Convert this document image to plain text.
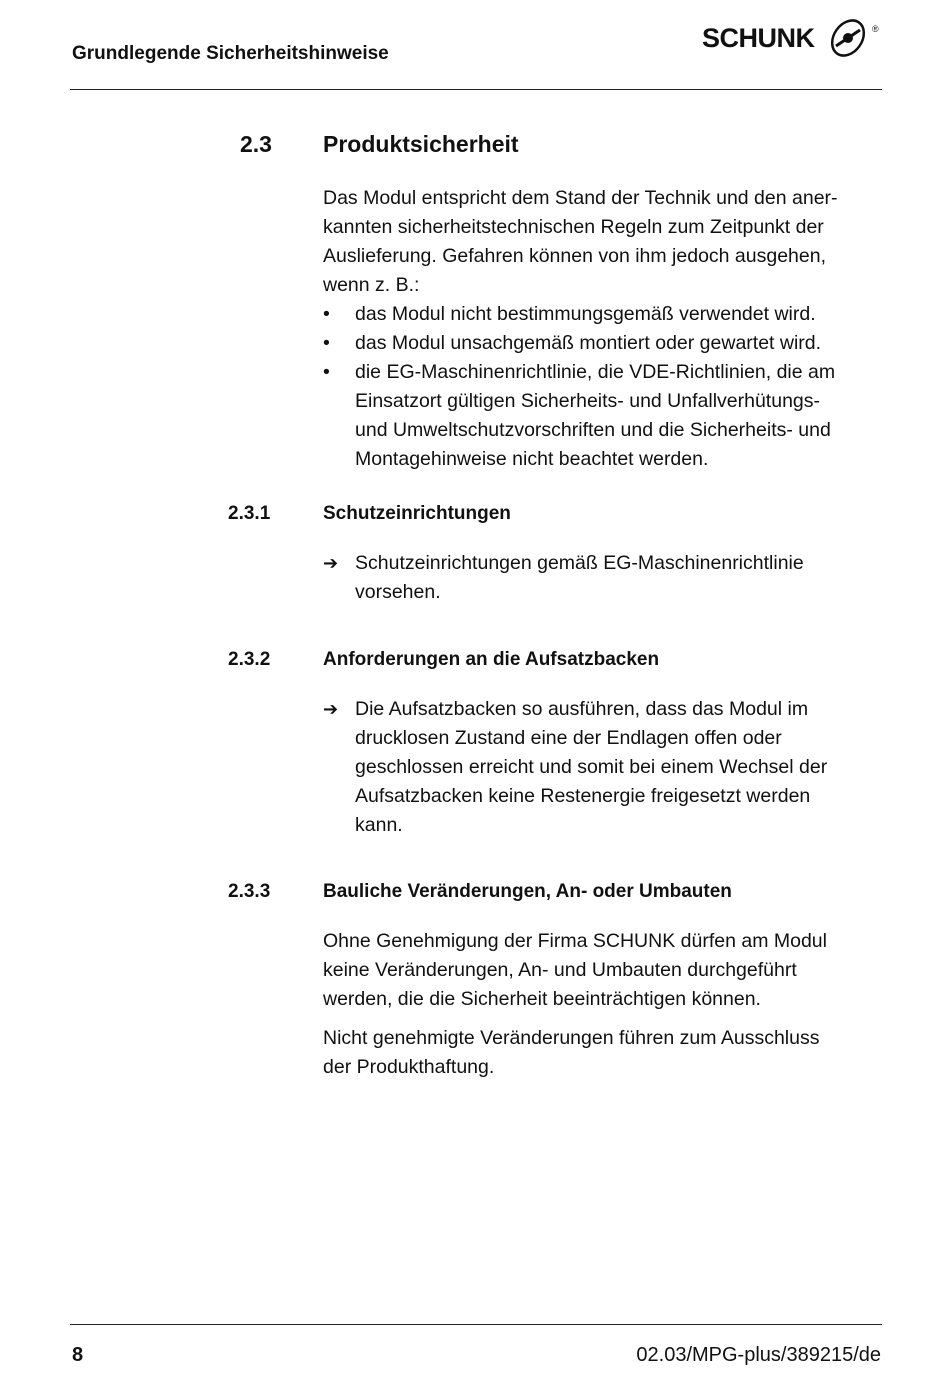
Grundlegende Sicherheitshinweise
SCHUNK	®
2.3 Produktsicherheit
Das Modul entspricht dem Stand der Technik und den aner-
kannten sicherheitstechnischen Regeln zum Zeitpunkt der
Auslieferung. Gefahren können von ihm jedoch ausgehen,
wenn z. B.:
•	das Modul nicht bestimmungsgemäß verwendet wird.
•	das Modul unsachgemäß montiert oder gewartet wird.
•	die EG-Maschinenrichtlinie, die VDE-Richtlinien, die am
Einsatzort gültigen Sicherheits- und Unfallverhütungs-
und Umweltschutzvorschriften und die Sicherheits- und
Montagehinweise nicht beachtet werden.
2.3.1	Schutzeinrichtungen
➔ Schutzeinrichtungen gemäß EG-Maschinenrichtlinie
vorsehen.
2.3.2	Anforderungen an die Aufsatzbacken
➔ Die Aufsatzbacken so ausführen, dass das Modul im
drucklosen Zustand eine der Endlagen offen oder
geschlossen erreicht und somit bei einem Wechsel der
Aufsatzbacken keine Restenergie freigesetzt werden
kann.
2.3.3	Bauliche Veränderungen, An- oder Umbauten
Ohne Genehmigung der Firma SCHUNK dürfen am Modul
keine Veränderungen, An- und Umbauten durchgeführt
werden, die die Sicherheit beeinträchtigen können.
Nicht genehmigte Veränderungen führen zum Ausschluss
der Produkthaftung.
8	02.03/MPG-plus/389215/de
